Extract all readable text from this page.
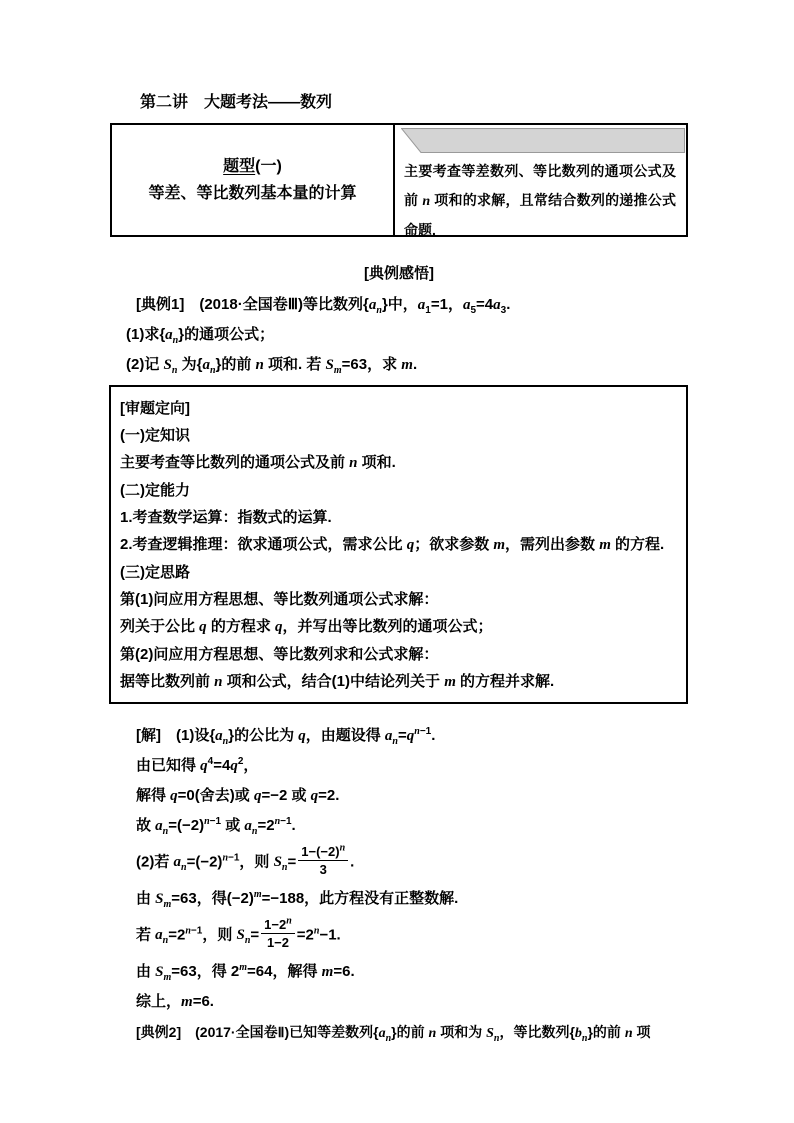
第二讲　大题考法——数列
题型(一)
等差、等比数列基本量的计算
主要考查等差数列、等比数列的通项公式及前 n 项和的求解，且常结合数列的递推公式命题.
[典例感悟]

[典例1]　(2018·全国卷Ⅲ)等比数列$\{a_n\}$中，$a_1=1$，$a_5=4a_3$.

(1)求$\{a_n\}$的通项公式；

(2)记 $S_n$ 为$\{a_n\}$的前 n 项和. 若 $S_m=63$，求 m.

[审题定向]

(一)定知识

主要考查等比数列的通项公式及前 n 项和.

(二)定能力

1.考查数学运算：指数式的运算.

2.考查逻辑推理：欲求通项公式，需求公比 q；欲求参数 m，需列出参数 m 的方程.

(三)定思路

第(1)问应用方程思想、等比数列通项公式求解：

列关于公比 q 的方程求 q，并写出等比数列的通项公式；

第(2)问应用方程思想、等比数列求和公式求解：

据等比数列前 n 项和公式，结合(1)中结论列关于 m 的方程并求解.

[解]　(1)设$\{a_n\}$的公比为 q，由题设得 $a_n=q^{n-1}$.

由已知得 $q^4=4q^2$，

解得 q=0(舍去)或 q=−2 或 q=2.

故 $a_n=(-2)^{n-1}$ 或 $a_n=2^{n-1}$.

(2)若 $a_n=(-2)^{n-1}$，则 $S_n= \frac{1-(-2)^n}{3}$ .

由 $S_m=63$，得$(-2)^m=-188$，此方程没有正整数解.

若 $a_n=2^{n-1}$，则 $S_n= \frac{1-2^n}{1-2} =2^n-1$.

由 $S_m=63$，得 $2^m=64$，解得 m=6.

综上，m=6.

[典例2]　(2017·全国卷Ⅱ)已知等差数列$\{a_n\}$的前 n 项和为 $S_n$，等比数列$\{b_n\}$的前 n 项
